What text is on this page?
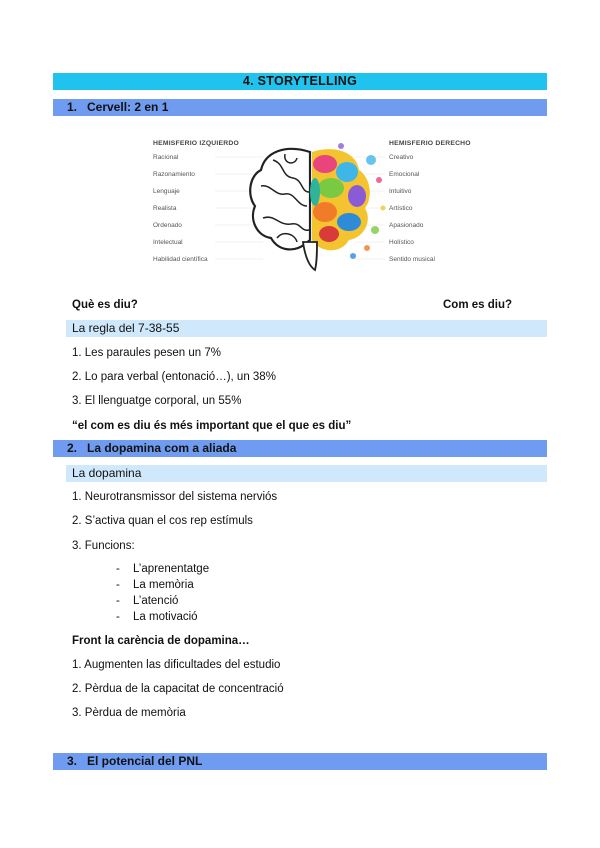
4. STORYTELLING
1. Cervell: 2 en 1
HEMISFERIO IZQUIERDO	HEMISFERIO DERECHO
Racional
Razonamiento
Lenguaje
Realista
Ordenado
Intelectual
Habilidad científica
Creativo
Emocional
Intuitivo
Artístico
Apasionado
Holístico
Sentido musical
Què es diu?	Com es diu?
La regla del 7-38-55
1. Les paraules pesen un 7%
2. Lo para verbal (entonació…), un 38%
3. El llenguatge corporal, un 55%
“el com es diu és més important que el que es diu”
2. La dopamina com a aliada
La dopamina
1. Neurotransmissor del sistema nerviós
2. S’activa quan el cos rep estímuls
3. Funcions:
- L’aprenentatge
- La memòria
- L’atenció
- La motivació
Front la carència de dopamina…
1. Augmenten las dificultades del estudio
2. Pèrdua de la capacitat de concentració
3. Pèrdua de memòria
3. El potencial del PNL
